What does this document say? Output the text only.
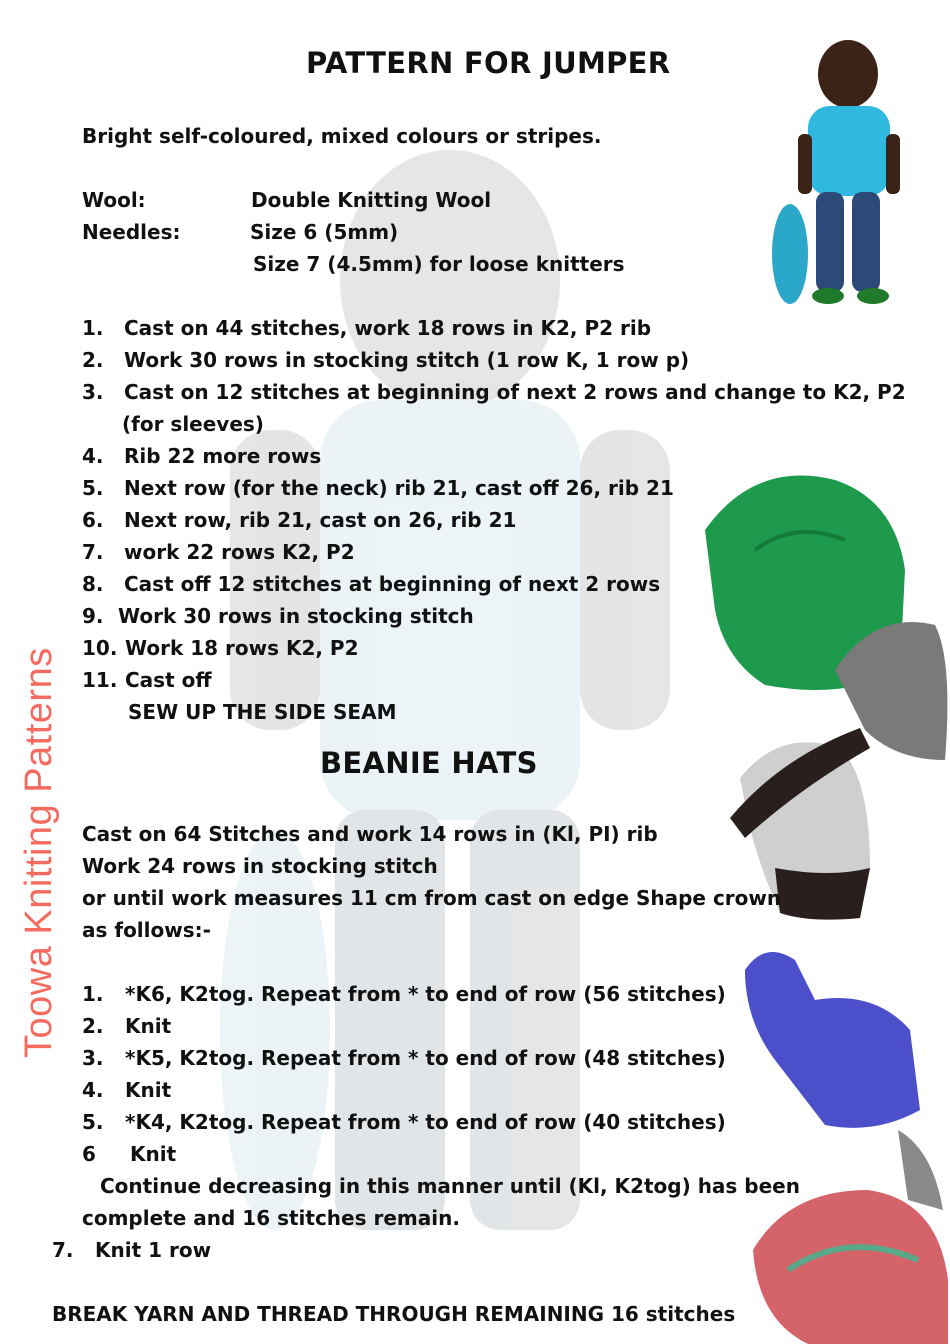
Toowa Knitting Patterns
PATTERN FOR JUMPER
Bright self-coloured, mixed colours or stripes.
Wool:	Double Knitting Wool
Needles:	Size 6 (5mm)
Size 7 (4.5mm) for loose knitters
1. Cast on 44 stitches, work 18 rows in K2, P2 rib
2. Work 30 rows in stocking stitch (1 row K, 1 row p)
3. Cast on 12 stitches at beginning of next 2 rows and change to K2, P2
(for sleeves)
4. Rib 22 more rows
5. Next row (for the neck) rib 21, cast off 26, rib 21
6. Next row, rib 21, cast on 26, rib 21
7. work 22 rows K2, P2
8. Cast off 12 stitches at beginning of next 2 rows
9. Work 30 rows in stocking stitch
10. Work 18 rows K2, P2
11. Cast off
SEW UP THE SIDE SEAM
BEANIE HATS
Cast on 64 Stitches and work 14 rows in (Kl, PI) rib
Work 24 rows in stocking stitch
or until work measures 11 cm from cast on edge Shape crown
as follows:-
1. *K6, K2tog. Repeat from * to end of row (56 stitches)
2. Knit
3. *K5, K2tog. Repeat from * to end of row (48 stitches)
4. Knit
5. *K4, K2tog. Repeat from * to end of row (40 stitches)
6 Knit
Continue decreasing in this manner until (Kl, K2tog) has been
complete and 16 stitches remain.
7. Knit 1 row
BREAK YARN AND THREAD THROUGH REMAINING 16 stitches
